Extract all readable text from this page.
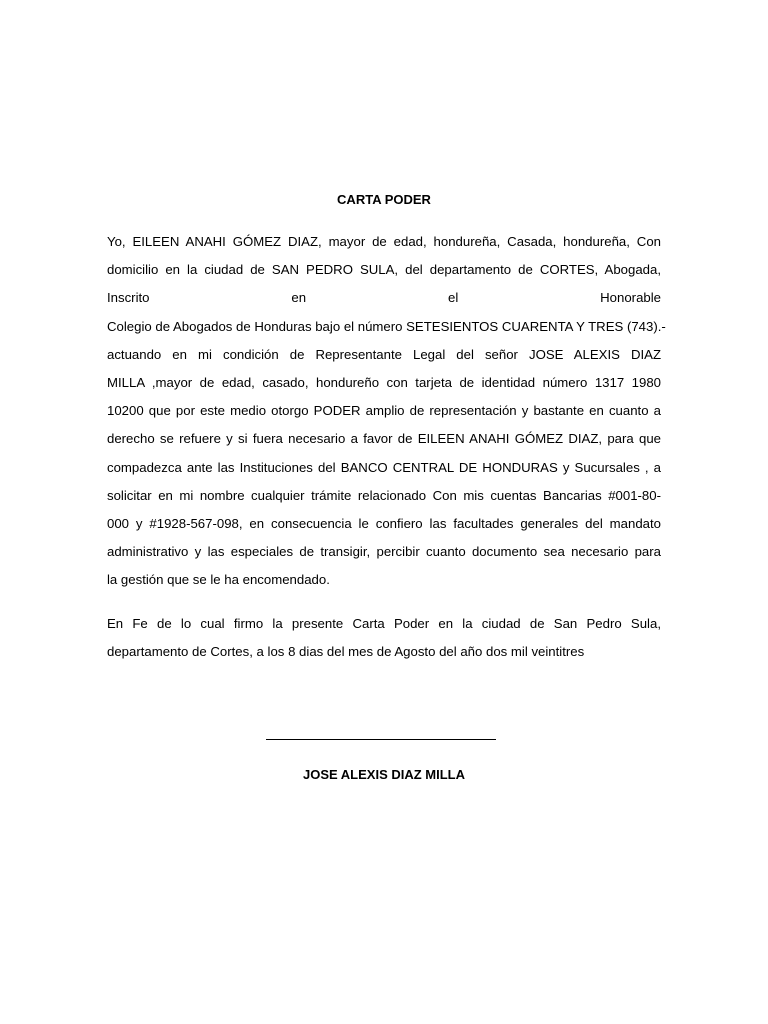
CARTA PODER
Yo, EILEEN ANAHI GÓMEZ DIAZ, mayor de edad, hondureña, Casada, hondureña, Con
domicilio en la ciudad de SAN PEDRO SULA, del departamento de CORTES, Abogada,
Inscrito en el Honorable
Colegio de Abogados de Honduras bajo el número SETESIENTOS CUARENTA Y TRES (743).-
actuando en mi condición de Representante Legal del señor JOSE ALEXIS DIAZ
MILLA ,mayor de edad, casado, hondureño con tarjeta de identidad número 1317 1980
10200 que por este medio otorgo PODER amplio de representación y bastante en cuanto a
derecho se refuere y si fuera necesario a favor de EILEEN ANAHI GÓMEZ DIAZ, para que
compadezca ante las Instituciones del BANCO CENTRAL DE HONDURAS y Sucursales , a
solicitar en mi nombre cualquier trámite relacionado Con mis cuentas Bancarias #001-80-
000 y #1928-567-098, en consecuencia le confiero las facultades generales del mandato
administrativo y las especiales de transigir, percibir cuanto documento sea necesario para
la gestión que se le ha encomendado.
En Fe de lo cual firmo la presente Carta Poder en la ciudad de San Pedro Sula,
departamento de Cortes, a los 8 dias del mes de Agosto del año dos mil veintitres
JOSE ALEXIS DIAZ MILLA
